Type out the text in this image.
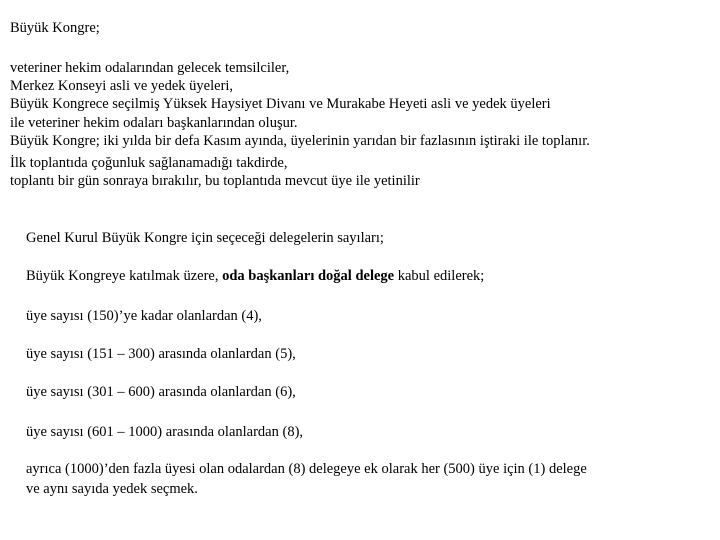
Büyük Kongre;
veteriner hekim odalarından gelecek temsilciler,
Merkez Konseyi asli ve yedek üyeleri,
Büyük Kongrece seçilmiş Yüksek Haysiyet Divanı ve Murakabe Heyeti asli ve yedek üyeleri
ile veteriner hekim odaları başkanlarından oluşur.
Büyük Kongre; iki yılda bir defa Kasım ayında, üyelerinin yarıdan bir fazlasının iştiraki ile toplanır.
İlk toplantıda çoğunluk sağlanamadığı takdirde,
toplantı bir gün sonraya bırakılır, bu toplantıda mevcut üye ile yetinilir
Genel Kurul Büyük Kongre için seçeceği delegelerin sayıları;
Büyük Kongreye katılmak üzere, oda başkanları doğal delege kabul edilerek;
üye sayısı (150)’ye kadar olanlardan (4),
üye sayısı (151 – 300) arasında olanlardan (5),
üye sayısı (301 – 600) arasında olanlardan (6),
üye sayısı (601 – 1000) arasında olanlardan (8),
ayrıca (1000)’den fazla üyesi olan odalardan (8) delegeye ek olarak her (500) üye için (1) delege
ve aynı sayıda yedek seçmek.
